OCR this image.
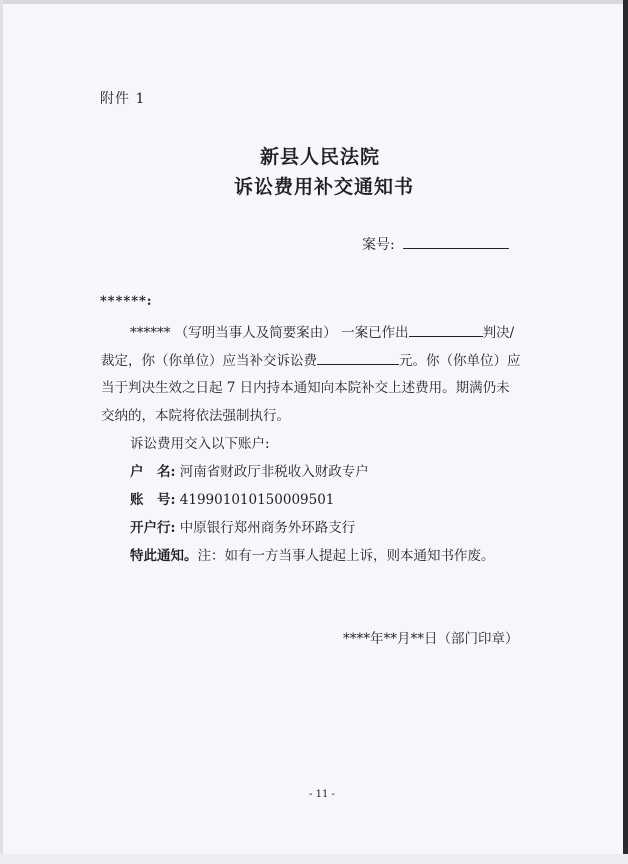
附件 1
新县人民法院
诉讼费用补交通知书
案号:
******:
****** （写明当事人及简要案由） 一案已作出	判决/
裁定，你（你单位）应当补交诉讼费	元。你（你单位）应
当于判决生效之日起 7 日内持本通知向本院补交上述费用。期满仍未
交纳的，本院将依法强制执行。
诉讼费用交入以下账户:
户　名: 河南省财政厅非税收入财政专户
账　号: 419901010150009501
开户行: 中原银行郑州商务外环路支行
特此通知。注：如有一方当事人提起上诉，则本通知书作废。
****年**月**日（部门印章）
- 11 -
